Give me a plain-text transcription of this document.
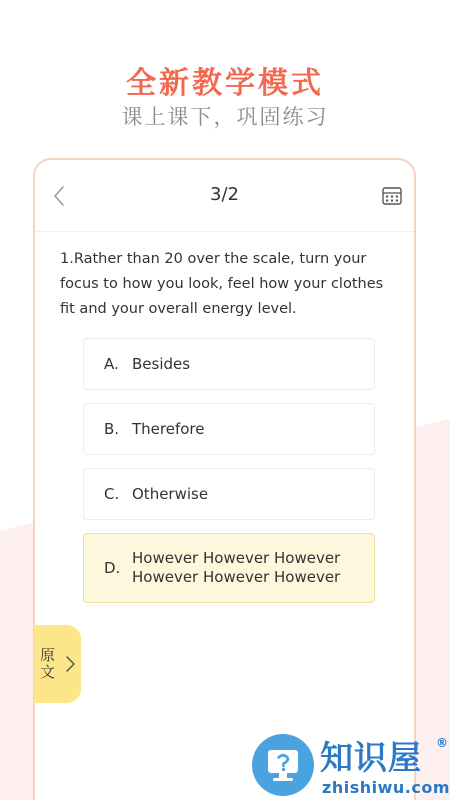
全新教学模式
课上课下，巩固练习
3/2
1.Rather than 20 over the scale, turn your focus to how you look, feel how your clothes fit and your overall energy level.
A. Besides
B. Therefore
C. Otherwise
D.
However However However However However However
原文
知识屋 ®
zhishiwu.com
